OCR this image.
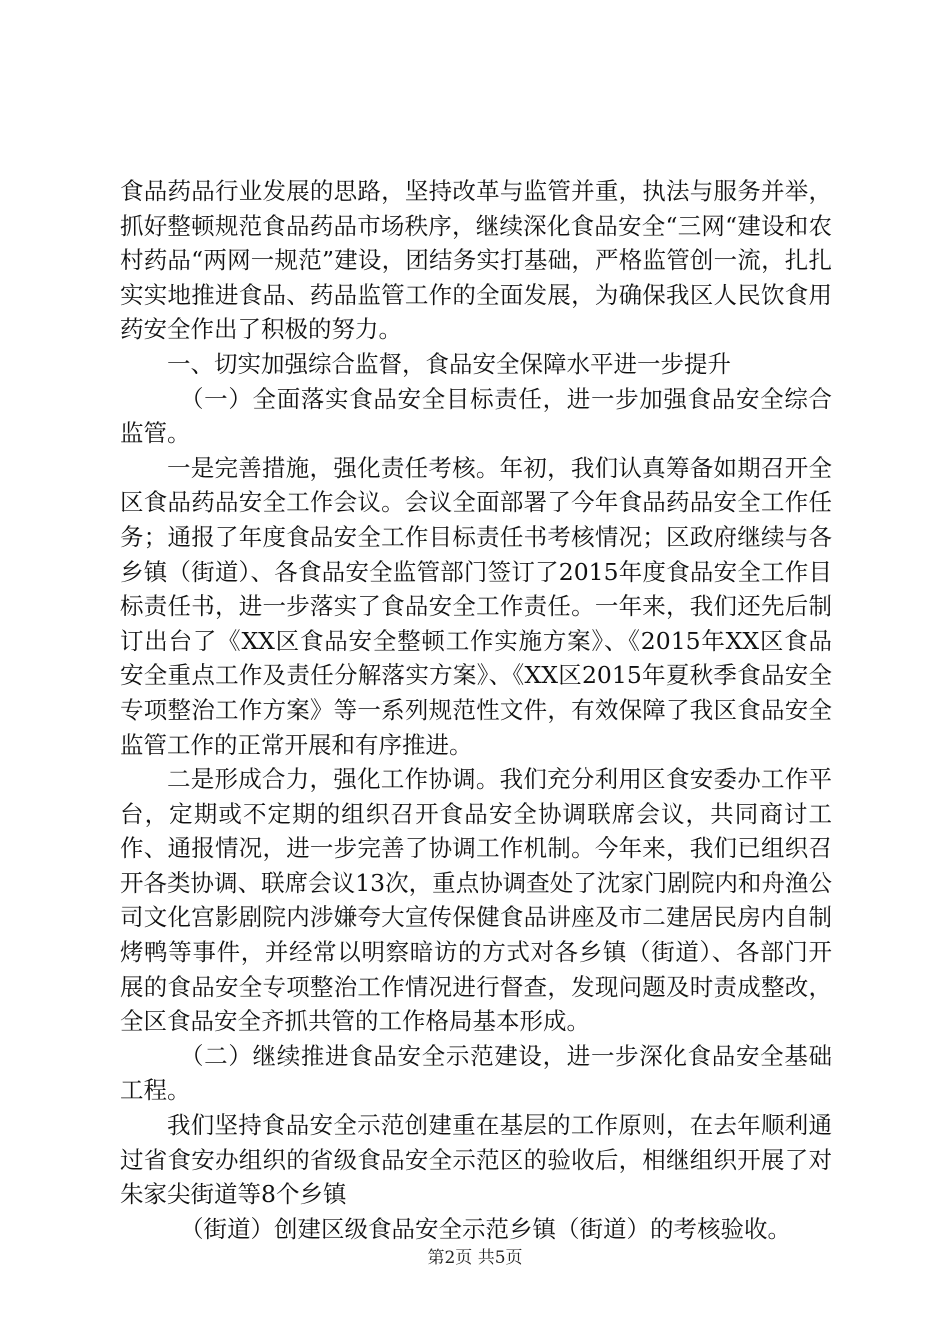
食品药品行业发展的思路，坚持改革与监管并重，执法与服务并举，抓好整顿规范食品药品市场秩序，继续深化食品安全“三网“建设和农村药品“两网一规范”建设，团结务实打基础，严格监管创一流，扎扎实实地推进食品、药品监管工作的全面发展，为确保我区人民饮食用药安全作出了积极的努力。

一、切实加强综合监督，食品安全保障水平进一步提升

（一）全面落实食品安全目标责任，进一步加强食品安全综合监管。

一是完善措施，强化责任考核。年初，我们认真筹备如期召开全区食品药品安全工作会议。会议全面部署了今年食品药品安全工作任务；通报了年度食品安全工作目标责任书考核情况；区政府继续与各乡镇（街道）、各食品安全监管部门签订了2015年度食品安全工作目标责任书，进一步落实了食品安全工作责任。一年来，我们还先后制订出台了《XX区食品安全整顿工作实施方案》、《2015年XX区食品安全重点工作及责任分解落实方案》、《XX区2015年夏秋季食品安全专项整治工作方案》等一系列规范性文件，有效保障了我区食品安全监管工作的正常开展和有序推进。

二是形成合力，强化工作协调。我们充分利用区食安委办工作平台，定期或不定期的组织召开食品安全协调联席会议，共同商讨工作、通报情况，进一步完善了协调工作机制。今年来，我们已组织召开各类协调、联席会议13次，重点协调查处了沈家门剧院内和舟渔公司文化宫影剧院内涉嫌夸大宣传保健食品讲座及市二建居民房内自制烤鸭等事件，并经常以明察暗访的方式对各乡镇（街道）、各部门开展的食品安全专项整治工作情况进行督查，发现问题及时责成整改，全区食品安全齐抓共管的工作格局基本形成。

（二）继续推进食品安全示范建设，进一步深化食品安全基础工程。

我们坚持食品安全示范创建重在基层的工作原则，在去年顺利通过省食安办组织的省级食品安全示范区的验收后，相继组织开展了对朱家尖街道等8个乡镇

（街道）创建区级食品安全示范乡镇（街道）的考核验收。

第2页 共5页
